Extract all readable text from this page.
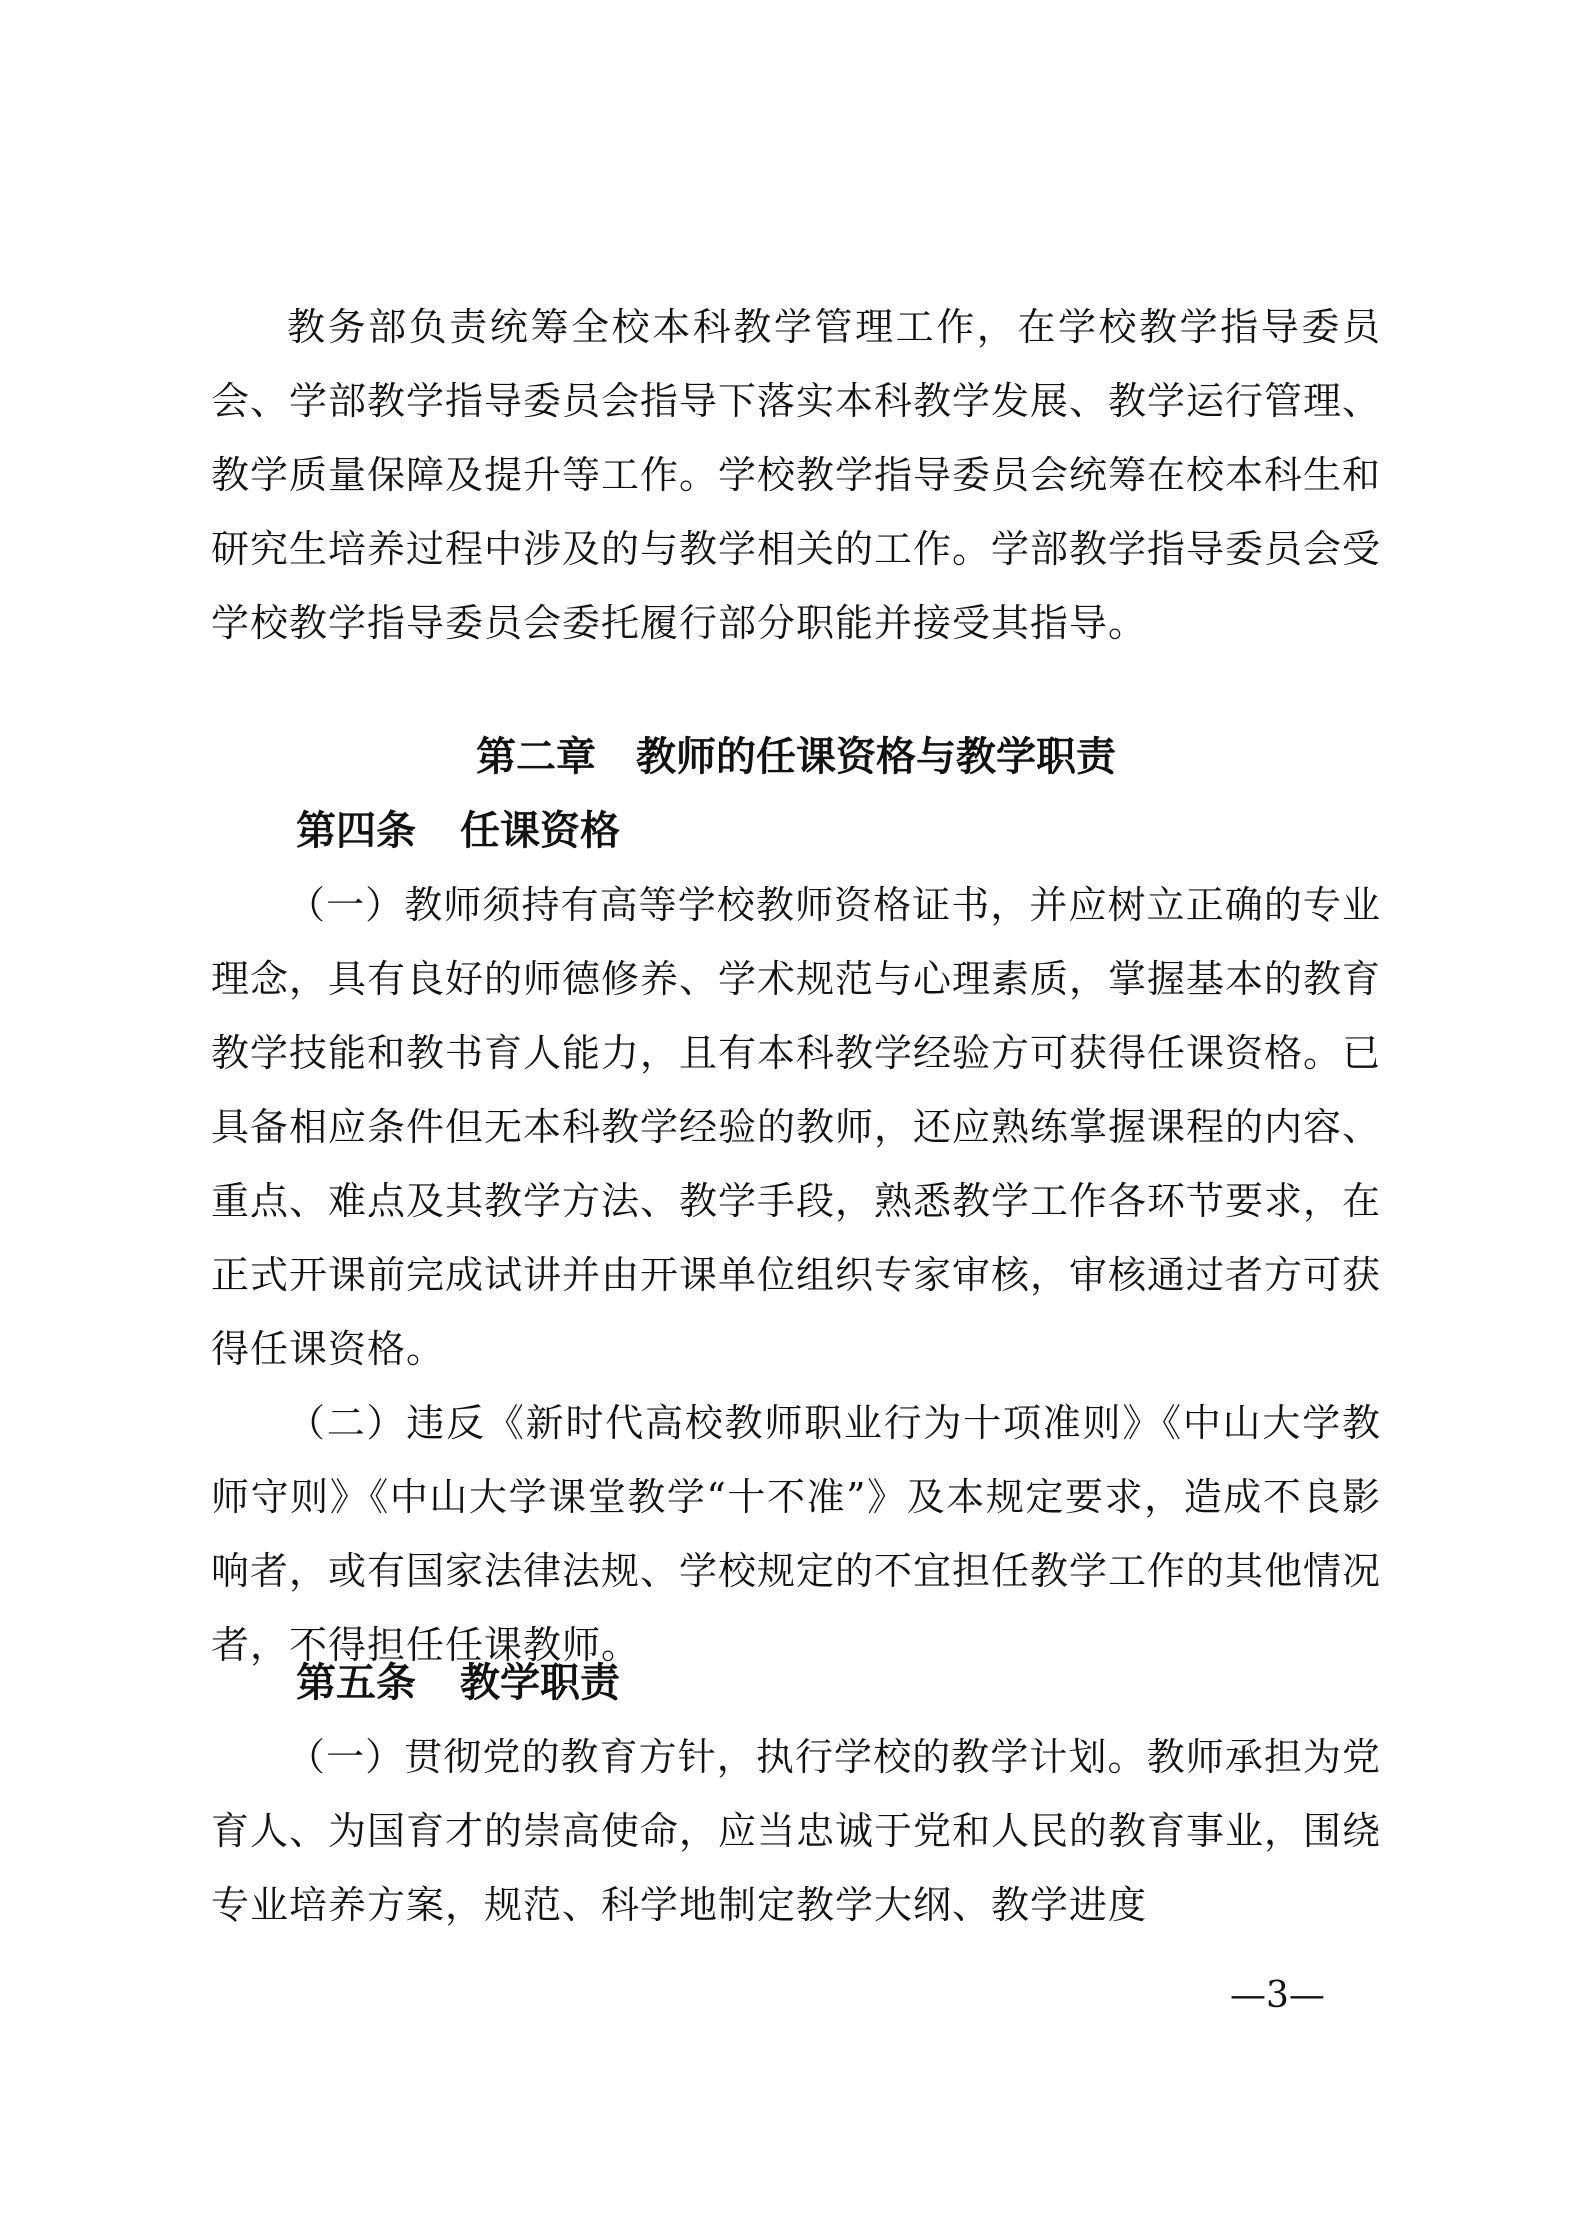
教务部负责统筹全校本科教学管理工作，在学校教学指导委员会、学部教学指导委员会指导下落实本科教学发展、教学运行管理、教学质量保障及提升等工作。学校教学指导委员会统筹在校本科生和研究生培养过程中涉及的与教学相关的工作。学部教学指导委员会受学校教学指导委员会委托履行部分职能并接受其指导。

第二章　教师的任课资格与教学职责
第四条 任课资格

（一）教师须持有高等学校教师资格证书，并应树立正确的专业理念，具有良好的师德修养、学术规范与心理素质，掌握基本的教育教学技能和教书育人能力，且有本科教学经验方可获得任课资格。已具备相应条件但无本科教学经验的教师，还应熟练掌握课程的内容、重点、难点及其教学方法、教学手段，熟悉教学工作各环节要求，在正式开课前完成试讲并由开课单位组织专家审核，审核通过者方可获得任课资格。

（二）违反《新时代高校教师职业行为十项准则》《中山大学教师守则》《中山大学课堂教学“十不准”》及本规定要求，造成不良影响者，或有国家法律法规、学校规定的不宜担任教学工作的其他情况者，不得担任任课教师。

第五条 教学职责

（一）贯彻党的教育方针，执行学校的教学计划。教师承担为党育人、为国育才的崇高使命，应当忠诚于党和人民的教育事业，围绕专业培养方案，规范、科学地制定教学大纲、教学进度

—3—
